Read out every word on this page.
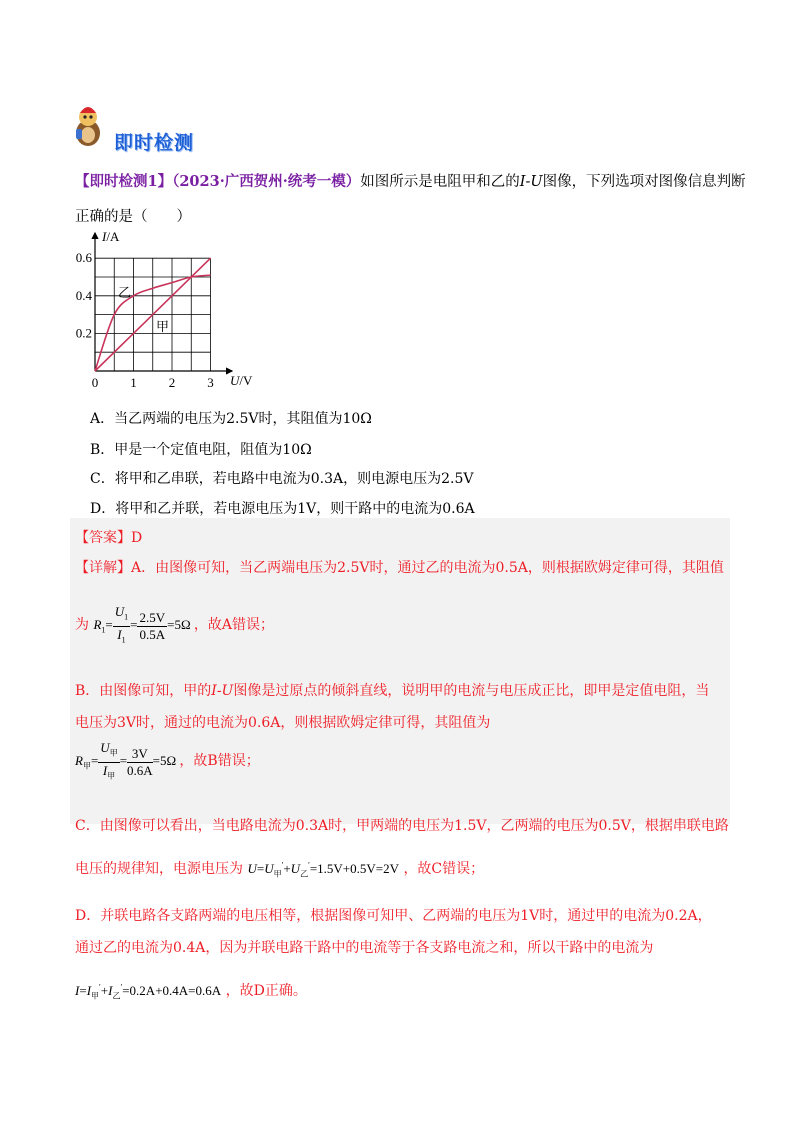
即时检测
【即时检测1】（2023·广西贺州·统考一模）如图所示是电阻甲和乙的I-U图像，下列选项对图像信息判断
正确的是（　　）
0.2
0.4
0.6
0 1 2 3
I/A
U/V
乙
甲
A．当乙两端的电压为2.5V时，其阻值为10Ω
B．甲是一个定值电阻，阻值为10Ω
C．将甲和乙串联，若电路中电流为0.3A，则电源电压为2.5V
D．将甲和乙并联，若电源电压为1V，则干路中的电流为0.6A
【答案】D
【详解】A．由图像可知，当乙两端电压为2.5V时，通过乙的电流为0.5A，则根据欧姆定律可得，其阻值
为 $R_1= \frac{U_1}{I_1} = \frac{2.5V}{0.5A} =5\Omega$ ，故A错误；
B．由图像可知，甲的I-U图像是过原点的倾斜直线，说明甲的电流与电压成正比，即甲是定值电阻，当
电压为3V时，通过的电流为0.6A，则根据欧姆定律可得，其阻值为
$R_甲= \frac{U_甲}{I_甲} = \frac{3V}{0.6A} =5\Omega$ ，故B错误；
C．由图像可以看出，当电路电流为0.3A时，甲两端的电压为1.5V，乙两端的电压为0.5V，根据串联电路
电压的规律知，电源电压为 $U=U_甲'+U_乙'=1.5V+0.5V=2V$ ，故C错误；
D．并联电路各支路两端的电压相等，根据图像可知甲、乙两端的电压为1V时，通过甲的电流为0.2A，
通过乙的电流为0.4A，因为并联电路干路中的电流等于各支路电流之和，所以干路中的电流为
$I=I_甲'+I_乙'=0.2A+0.4A=0.6A$ ，故D正确。
